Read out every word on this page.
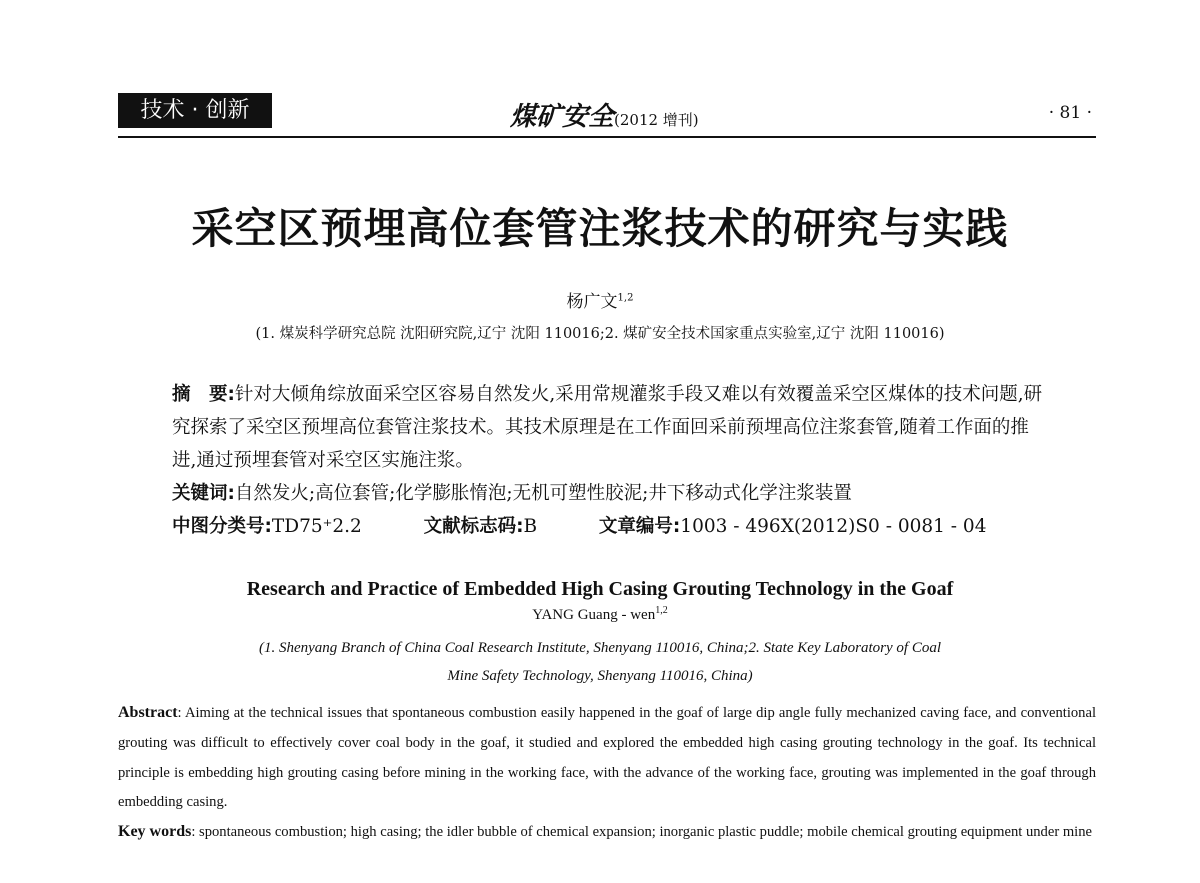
技术 · 创新	煤矿安全(2012 增刊)	· 81 ·
采空区预埋高位套管注浆技术的研究与实践
杨广文$^{1,2}$
(1. 煤炭科学研究总院 沈阳研究院,辽宁 沈阳 110016;2. 煤矿安全技术国家重点实验室,辽宁 沈阳 110016)
摘　要:针对大倾角综放面采空区容易自然发火,采用常规灌浆手段又难以有效覆盖采空区煤体的技术问题,研究探索了采空区预埋高位套管注浆技术。其技术原理是在工作面回采前预埋高位注浆套管,随着工作面的推进,通过预埋套管对采空区实施注浆。
关键词:自然发火;高位套管;化学膨胀惰泡;无机可塑性胶泥;井下移动式化学注浆装置
中图分类号:TD75⁺2.2	文献标志码:B	文章编号:1003 - 496X(2012)S0 - 0081 - 04
Research and Practice of Embedded High Casing Grouting Technology in the Goaf
YANG Guang - wen$^{1,2}$
(1. Shenyang Branch of China Coal Research Institute, Shenyang 110016, China;2. State Key Laboratory of Coal
Mine Safety Technology, Shenyang 110016, China)
Abstract: Aiming at the technical issues that spontaneous combustion easily happened in the goaf of large dip angle fully mechanized caving face, and conventional grouting was difficult to effectively cover coal body in the goaf, it studied and explored the embedded high casing grouting technology in the goaf. Its technical principle is embedding high grouting casing before mining in the working face, with the advance of the working face, grouting was implemented in the goaf through embedding casing.
Key words: spontaneous combustion; high casing; the idler bubble of chemical expansion; inorganic plastic puddle; mobile chemical grouting equipment under mine
